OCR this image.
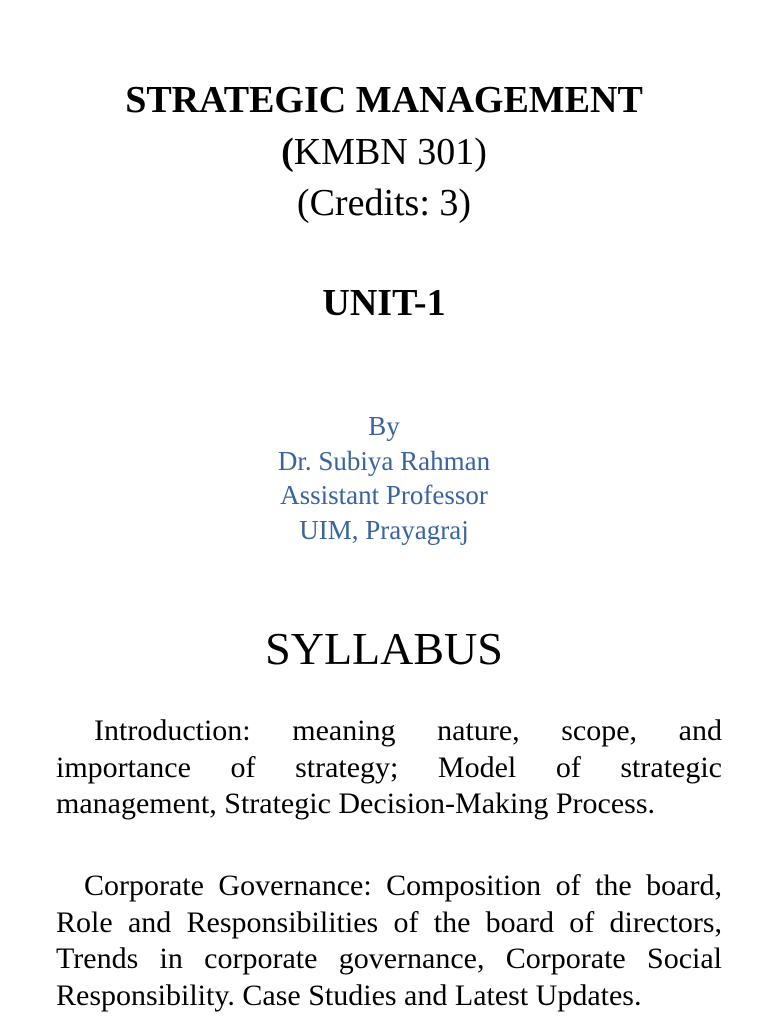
STRATEGIC MANAGEMENT
(KMBN 301)
(Credits: 3)
UNIT-1
By
Dr. Subiya Rahman
Assistant Professor
UIM, Prayagraj
SYLLABUS

Introduction: meaning nature, scope, and importance of strategy; Model of strategic management, Strategic Decision-Making Process.

Corporate Governance: Composition of the board, Role and Responsibilities of the board of directors, Trends in corporate governance, Corporate Social Responsibility. Case Studies and Latest Updates.
